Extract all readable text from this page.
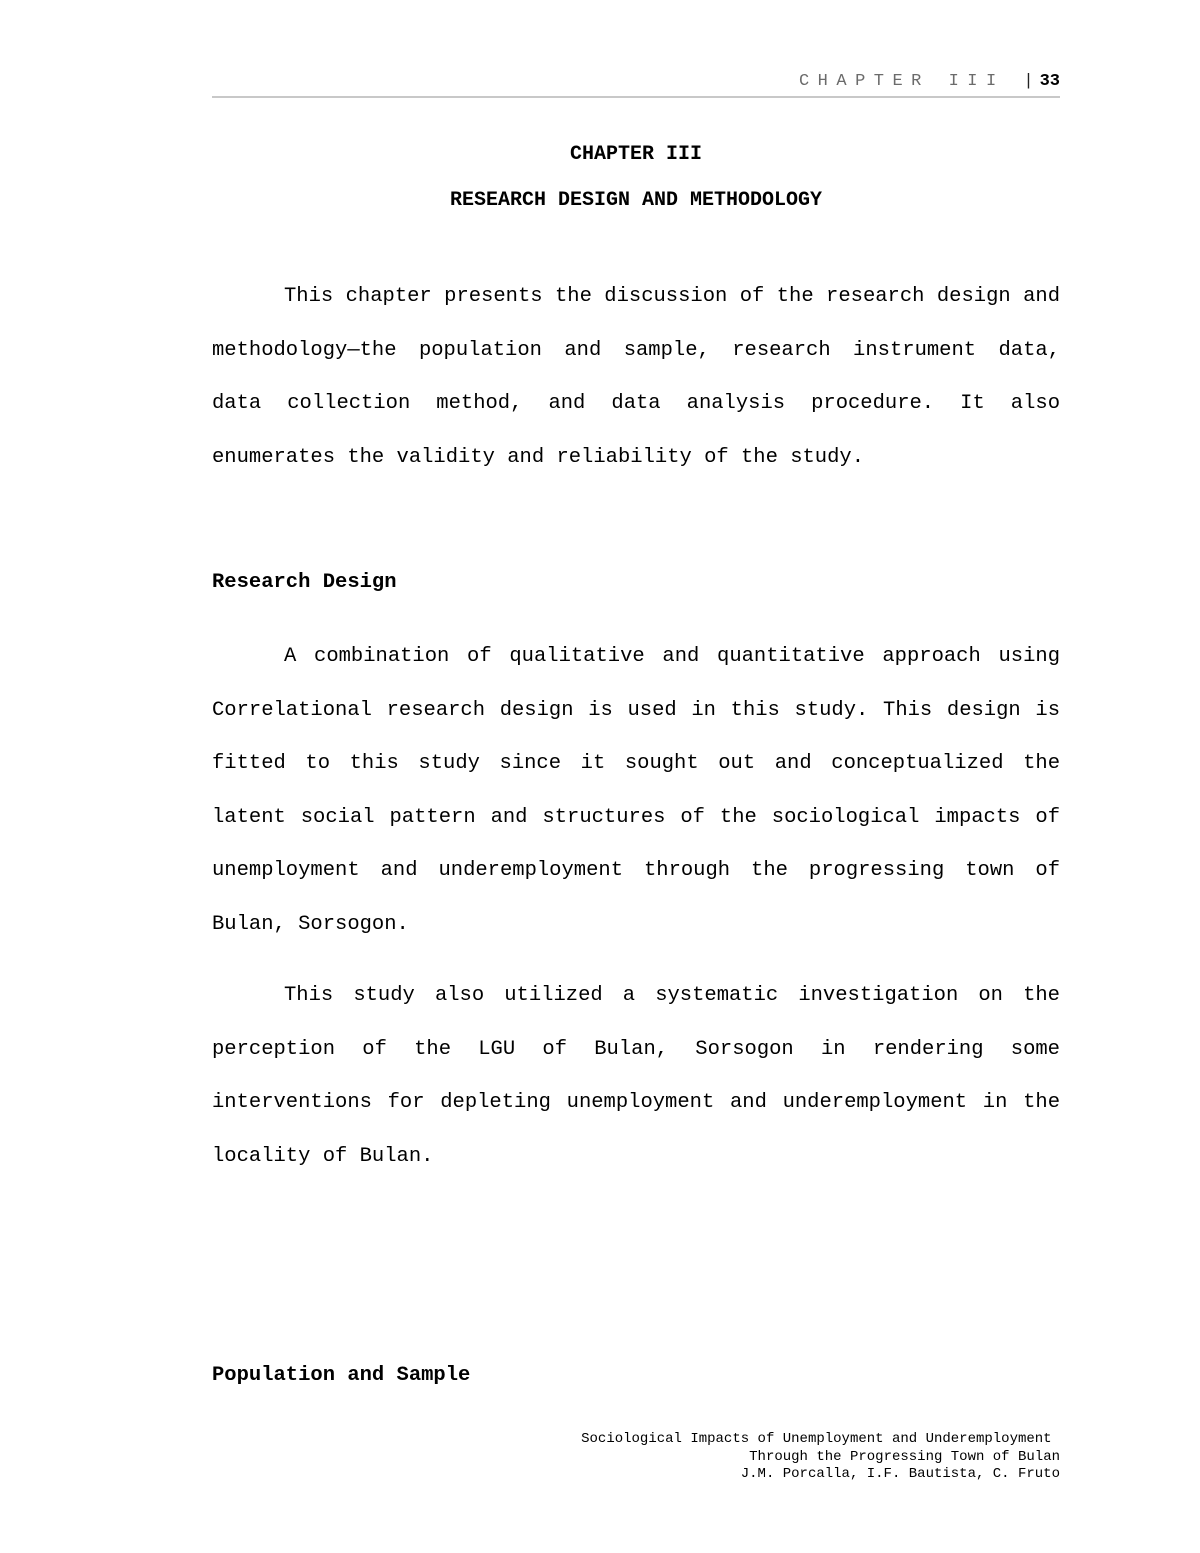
CHAPTER III | 33
CHAPTER III
RESEARCH DESIGN AND METHODOLOGY

This chapter presents the discussion of the research design and methodology—the population and sample, research instrument data, data collection method, and data analysis procedure. It also enumerates the validity and reliability of the study.

Research Design

A combination of qualitative and quantitative approach using Correlational research design is used in this study. This design is fitted to this study since it sought out and conceptualized the latent social pattern and structures of the sociological impacts of unemployment and underemployment through the progressing town of Bulan, Sorsogon.

This study also utilized a systematic investigation on the perception of the LGU of Bulan, Sorsogon in rendering some interventions for depleting unemployment and underemployment in the locality of Bulan.

Population and Sample
Sociological Impacts of Unemployment and Underemployment
Through the Progressing Town of Bulan
J.M. Porcalla, I.F. Bautista, C. Fruto
